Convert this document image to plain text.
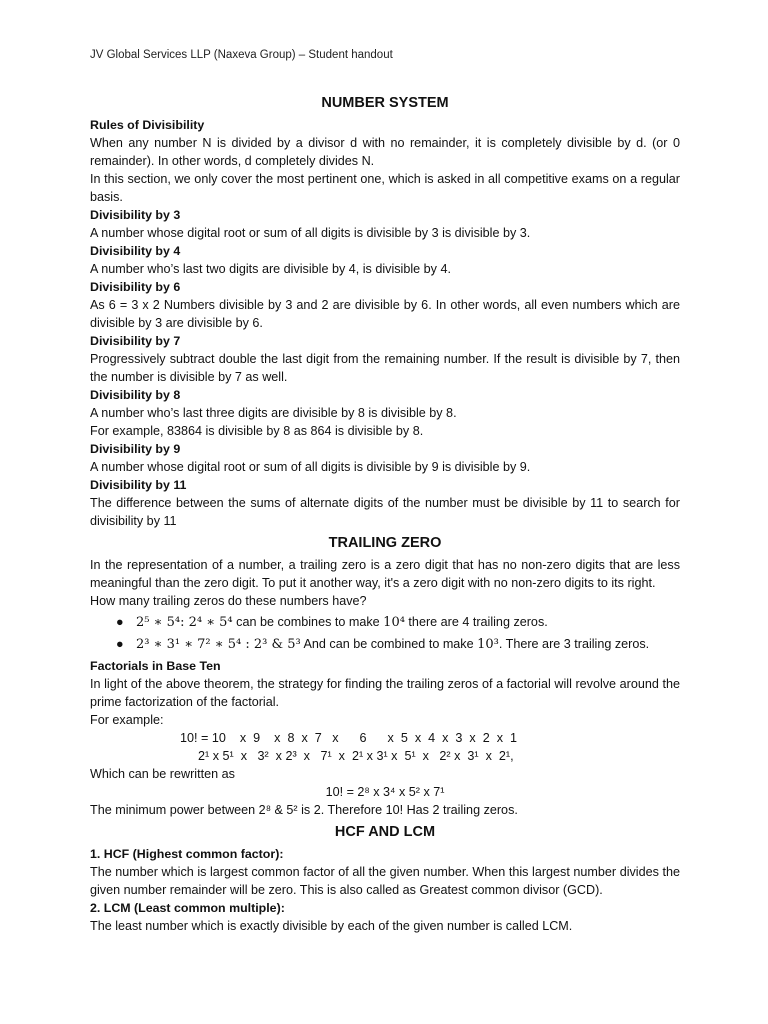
JV Global Services LLP (Naxeva Group) – Student handout
NUMBER SYSTEM
Rules of Divisibility

When any number N is divided by a divisor d with no remainder, it is completely divisible by d. (or 0 remainder). In other words, d completely divides N.

In this section, we only cover the most pertinent one, which is asked in all competitive exams on a regular basis.

Divisibility by 3

A number whose digital root or sum of all digits is divisible by 3 is divisible by 3.

Divisibility by 4

A number who’s last two digits are divisible by 4, is divisible by 4.

Divisibility by 6

As 6 = 3 x 2 Numbers divisible by 3 and 2 are divisible by 6. In other words, all even numbers which are divisible by 3 are divisible by 6.

Divisibility by 7

Progressively subtract double the last digit from the remaining number. If the result is divisible by 7, then the number is divisible by 7 as well.

Divisibility by 8

A number who’s last three digits are divisible by 8 is divisible by 8.

For example, 83864 is divisible by 8 as 864 is divisible by 8.

Divisibility by 9

A number whose digital root or sum of all digits is divisible by 9 is divisible by 9.

Divisibility by 11

The difference between the sums of alternate digits of the number must be divisible by 11 to search for divisibility by 11

TRAILING ZERO

In the representation of a number, a trailing zero is a zero digit that has no non-zero digits that are less meaningful than the zero digit. To put it another way, it's a zero digit with no non-zero digits to its right.

How many trailing zeros do these numbers have?

● 2⁵ ∗ 5⁴: 2⁴ ∗ 5⁴ can be combines to make 10⁴ there are 4 trailing zeros.
● 2³ ∗ 3¹ ∗ 7² ∗ 5⁴ : 2³ & 5³ And can be combined to make 10³. There are 3 trailing zeros.
Factorials in Base Ten

In light of the above theorem, the strategy for finding the trailing zeros of a factorial will revolve around the prime factorization of the factorial.

For example:

10! = 10    x  9    x  8  x  7   x      6      x  5  x  4  x  3  x  2  x  1
2¹ x 5¹  x   3²  x 2³  x   7¹  x  2¹ x 3¹ x  5¹  x   2² x  3¹  x  2¹,

Which can be rewritten as

10! = 2⁸ x 3⁴ x 5² x 7¹

The minimum power between 2⁸ & 5² is 2. Therefore 10! Has 2 trailing zeros.

HCF AND LCM
1. HCF (Highest common factor):

The number which is largest common factor of all the given number. When this largest number divides the given number remainder will be zero. This is also called as Greatest common divisor (GCD).

2. LCM (Least common multiple):

The least number which is exactly divisible by each of the given number is called LCM.
